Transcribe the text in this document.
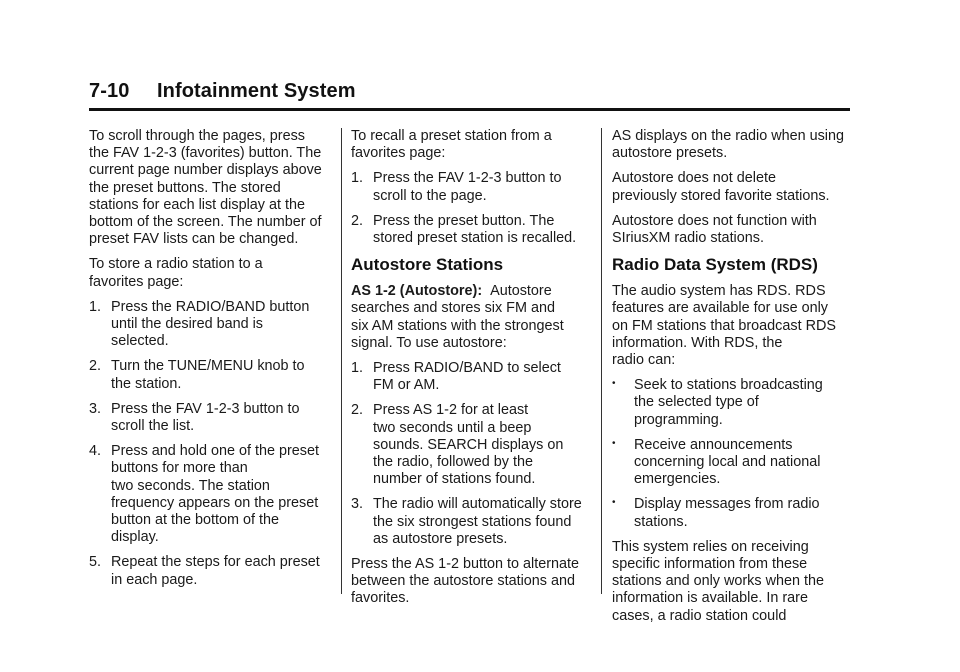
7-10 Infotainment System

To scroll through the pages, press
the FAV 1-2-3 (favorites) button. The
current page number displays above
the preset buttons. The stored
stations for each list display at the
bottom of the screen. The number of
preset FAV lists can be changed.

To store a radio station to a
favorites page:

1. Press the RADIO/BAND button
until the desired band is
selected.
2. Turn the TUNE/MENU knob to
the station.
3. Press the FAV 1-2-3 button to
scroll the list.
4. Press and hold one of the preset
buttons for more than
two seconds. The station
frequency appears on the preset
button at the bottom of the
display.
5. Repeat the steps for each preset
in each page.

To recall a preset station from a
favorites page:

1. Press the FAV 1-2-3 button to
scroll to the page.
2. Press the preset button. The
stored preset station is recalled.
Autostore Stations

AS 1-2 (Autostore): Autostore
searches and stores six FM and
six AM stations with the strongest
signal. To use autostore:

1. Press RADIO/BAND to select
FM or AM.
2. Press AS 1-2 for at least
two seconds until a beep
sounds. SEARCH displays on
the radio, followed by the
number of stations found.
3. The radio will automatically store
the six strongest stations found
as autostore presets.

Press the AS 1-2 button to alternate
between the autostore stations and
favorites.

AS displays on the radio when using
autostore presets.

Autostore does not delete
previously stored favorite stations.

Autostore does not function with
SIriusXM radio stations.

Radio Data System (RDS)

The audio system has RDS. RDS
features are available for use only
on FM stations that broadcast RDS
information. With RDS, the
radio can:

• Seek to stations broadcasting
the selected type of
programming.
• Receive announcements
concerning local and national
emergencies.
• Display messages from radio
stations.

This system relies on receiving
specific information from these
stations and only works when the
information is available. In rare
cases, a radio station could
